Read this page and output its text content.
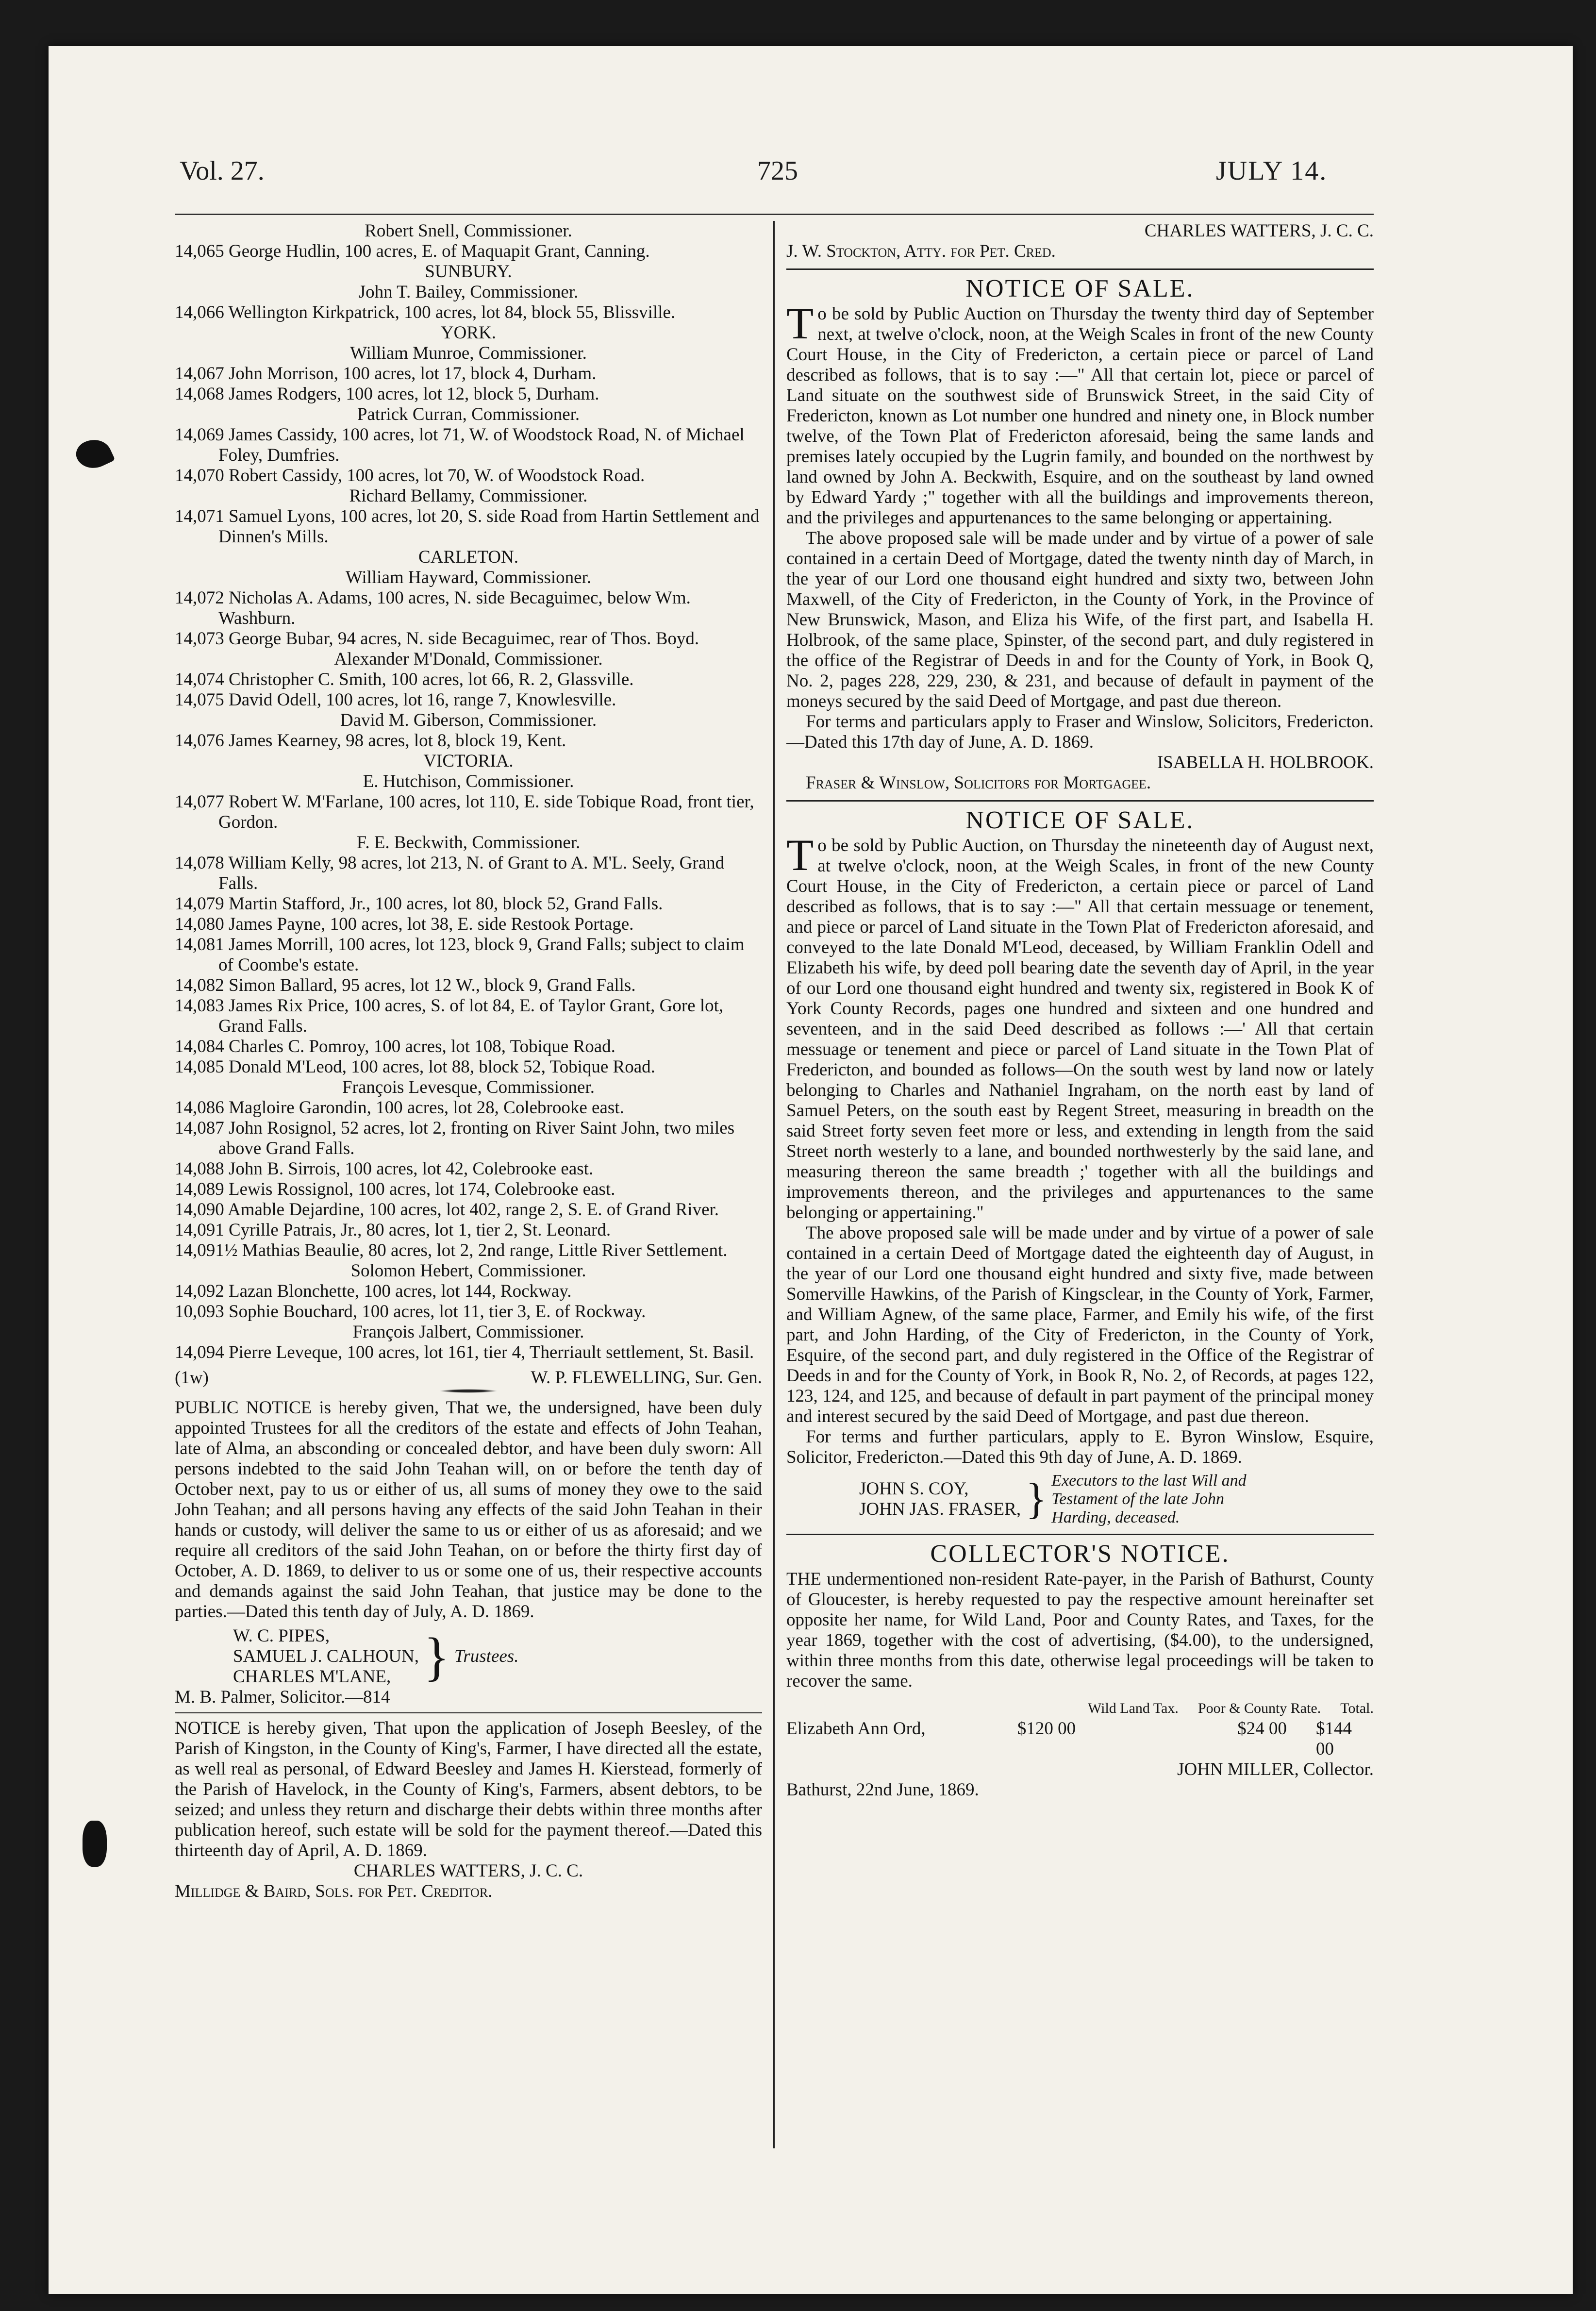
Vol. 27.	725	JULY 14.

Robert Snell, Commissioner.

14,065 George Hudlin, 100 acres, E. of Maquapit Grant, Canning.

SUNBURY.

John T. Bailey, Commissioner.

14,066 Wellington Kirkpatrick, 100 acres, lot 84, block 55, Blissville.

YORK.

William Munroe, Commissioner.

14,067 John Morrison, 100 acres, lot 17, block 4, Durham.

14,068 James Rodgers, 100 acres, lot 12, block 5, Durham.

Patrick Curran, Commissioner.

14,069 James Cassidy, 100 acres, lot 71, W. of Woodstock Road, N. of Michael Foley, Dumfries.

14,070 Robert Cassidy, 100 acres, lot 70, W. of Woodstock Road.

Richard Bellamy, Commissioner.

14,071 Samuel Lyons, 100 acres, lot 20, S. side Road from Hartin Settlement and Dinnen's Mills.

CARLETON.

William Hayward, Commissioner.

14,072 Nicholas A. Adams, 100 acres, N. side Becaguimec, below Wm. Washburn.

14,073 George Bubar, 94 acres, N. side Becaguimec, rear of Thos. Boyd.

Alexander M'Donald, Commissioner.

14,074 Christopher C. Smith, 100 acres, lot 66, R. 2, Glassville.

14,075 David Odell, 100 acres, lot 16, range 7, Knowlesville.

David M. Giberson, Commissioner.

14,076 James Kearney, 98 acres, lot 8, block 19, Kent.

VICTORIA.

E. Hutchison, Commissioner.

14,077 Robert W. M'Farlane, 100 acres, lot 110, E. side Tobique Road, front tier, Gordon.

F. E. Beckwith, Commissioner.

14,078 William Kelly, 98 acres, lot 213, N. of Grant to A. M'L. Seely, Grand Falls.

14,079 Martin Stafford, Jr., 100 acres, lot 80, block 52, Grand Falls.

14,080 James Payne, 100 acres, lot 38, E. side Restook Portage.

14,081 James Morrill, 100 acres, lot 123, block 9, Grand Falls; subject to claim of Coombe's estate.

14,082 Simon Ballard, 95 acres, lot 12 W., block 9, Grand Falls.

14,083 James Rix Price, 100 acres, S. of lot 84, E. of Taylor Grant, Gore lot, Grand Falls.

14,084 Charles C. Pomroy, 100 acres, lot 108, Tobique Road.

14,085 Donald M'Leod, 100 acres, lot 88, block 52, Tobique Road.

François Levesque, Commissioner.

14,086 Magloire Garondin, 100 acres, lot 28, Colebrooke east.

14,087 John Rosignol, 52 acres, lot 2, fronting on River Saint John, two miles above Grand Falls.

14,088 John B. Sirrois, 100 acres, lot 42, Colebrooke east.

14,089 Lewis Rossignol, 100 acres, lot 174, Colebrooke east.

14,090 Amable Dejardine, 100 acres, lot 402, range 2, S. E. of Grand River.

14,091 Cyrille Patrais, Jr., 80 acres, lot 1, tier 2, St. Leonard.

14,091½ Mathias Beaulie, 80 acres, lot 2, 2nd range, Little River Settlement.

Solomon Hebert, Commissioner.

14,092 Lazan Blonchette, 100 acres, lot 144, Rockway.

10,093 Sophie Bouchard, 100 acres, lot 11, tier 3, E. of Rockway.

François Jalbert, Commissioner.

14,094 Pierre Leveque, 100 acres, lot 161, tier 4, Therriault settlement, St. Basil.

(1w)	W. P. FLEWELLING, Sur. Gen.

PUBLIC NOTICE is hereby given, That we, the undersigned, have been duly appointed Trustees for all the creditors of the estate and effects of John Teahan, late of Alma, an absconding or concealed debtor, and have been duly sworn: All persons indebted to the said John Teahan will, on or before the tenth day of October next, pay to us or either of us, all sums of money they owe to the said John Teahan; and all persons having any effects of the said John Teahan in their hands or custody, will deliver the same to us or either of us as aforesaid; and we require all creditors of the said John Teahan, on or before the thirty first day of October, A. D. 1869, to deliver to us or some one of us, their respective accounts and demands against the said John Teahan, that justice may be done to the parties.—Dated this tenth day of July, A. D. 1869.

W. C. PIPES,
SAMUEL J. CALHOUN,
CHARLES M'LANE, } Trustees.

M. B. Palmer, Solicitor.—814

NOTICE is hereby given, That upon the application of Joseph Beesley, of the Parish of Kingston, in the County of King's, Farmer, I have directed all the estate, as well real as personal, of Edward Beesley and James H. Kierstead, formerly of the Parish of Havelock, in the County of King's, Farmers, absent debtors, to be seized; and unless they return and discharge their debts within three months after publication hereof, such estate will be sold for the payment thereof.—Dated this thirteenth day of April, A. D. 1869.

CHARLES WATTERS, J. C. C.

Millidge & Baird, Sols. for Pet. Creditor.

CHARLES WATTERS, J. C. C.

J. W. Stockton, Atty. for Pet. Cred.

NOTICE OF SALE.

To be sold by Public Auction on Thursday the twenty third day of September next, at twelve o'clock, noon, at the Weigh Scales in front of the new County Court House, in the City of Fredericton, a certain piece or parcel of Land described as follows, that is to say :—" All that certain lot, piece or parcel of Land situate on the southwest side of Brunswick Street, in the said City of Fredericton, known as Lot number one hundred and ninety one, in Block number twelve, of the Town Plat of Fredericton aforesaid, being the same lands and premises lately occupied by the Lugrin family, and bounded on the northwest by land owned by John A. Beckwith, Esquire, and on the southeast by land owned by Edward Yardy ;" together with all the buildings and improvements thereon, and the privileges and appurtenances to the same belonging or appertaining.

The above proposed sale will be made under and by virtue of a power of sale contained in a certain Deed of Mortgage, dated the twenty ninth day of March, in the year of our Lord one thousand eight hundred and sixty two, between John Maxwell, of the City of Fredericton, in the County of York, in the Province of New Brunswick, Mason, and Eliza his Wife, of the first part, and Isabella H. Holbrook, of the same place, Spinster, of the second part, and duly registered in the office of the Registrar of Deeds in and for the County of York, in Book Q, No. 2, pages 228, 229, 230, & 231, and because of default in payment of the moneys secured by the said Deed of Mortgage, and past due thereon.

For terms and particulars apply to Fraser and Winslow, Solicitors, Fredericton.—Dated this 17th day of June, A. D. 1869.

ISABELLA H. HOLBROOK.

Fraser & Winslow, Solicitors for Mortgagee.

NOTICE OF SALE.

To be sold by Public Auction, on Thursday the nineteenth day of August next, at twelve o'clock, noon, at the Weigh Scales, in front of the new County Court House, in the City of Fredericton, a certain piece or parcel of Land described as follows, that is to say :—" All that certain messuage or tenement, and piece or parcel of Land situate in the Town Plat of Fredericton aforesaid, and conveyed to the late Donald M'Leod, deceased, by William Franklin Odell and Elizabeth his wife, by deed poll bearing date the seventh day of April, in the year of our Lord one thousand eight hundred and twenty six, registered in Book K of York County Records, pages one hundred and sixteen and one hundred and seventeen, and in the said Deed described as follows :—' All that certain messuage or tenement and piece or parcel of Land situate in the Town Plat of Fredericton, and bounded as follows—On the south west by land now or lately belonging to Charles and Nathaniel Ingraham, on the north east by land of Samuel Peters, on the south east by Regent Street, measuring in breadth on the said Street forty seven feet more or less, and extending in length from the said Street north westerly to a lane, and bounded northwesterly by the said lane, and measuring thereon the same breadth ;' together with all the buildings and improvements thereon, and the privileges and appurtenances to the same belonging or appertaining."

The above proposed sale will be made under and by virtue of a power of sale contained in a certain Deed of Mortgage dated the eighteenth day of August, in the year of our Lord one thousand eight hundred and sixty five, made between Somerville Hawkins, of the Parish of Kingsclear, in the County of York, Farmer, and William Agnew, of the same place, Farmer, and Emily his wife, of the first part, and John Harding, of the City of Fredericton, in the County of York, Esquire, of the second part, and duly registered in the Office of the Registrar of Deeds in and for the County of York, in Book R, No. 2, of Records, at pages 122, 123, 124, and 125, and because of default in part payment of the principal money and interest secured by the said Deed of Mortgage, and past due thereon.

For terms and further particulars, apply to E. Byron Winslow, Esquire, Solicitor, Fredericton.—Dated this 9th day of June, A. D. 1869.

JOHN S. COY,
JOHN JAS. FRASER, } Executors to the last Will and Testament of the late John Harding, deceased.
COLLECTOR'S NOTICE.

THE undermentioned non-resident Rate-payer, in the Parish of Bathurst, County of Gloucester, is hereby requested to pay the respective amount hereinafter set opposite her name, for Wild Land, Poor and County Rates, and Taxes, for the year 1869, together with the cost of advertising, ($4.00), to the undersigned, within three months from this date, otherwise legal proceedings will be taken to recover the same.

Wild Land Tax. Poor & County Rate. Total.
Elizabeth Ann Ord,	$120 00	$24 00 $144 00

JOHN MILLER, Collector.

Bathurst, 22nd June, 1869.
